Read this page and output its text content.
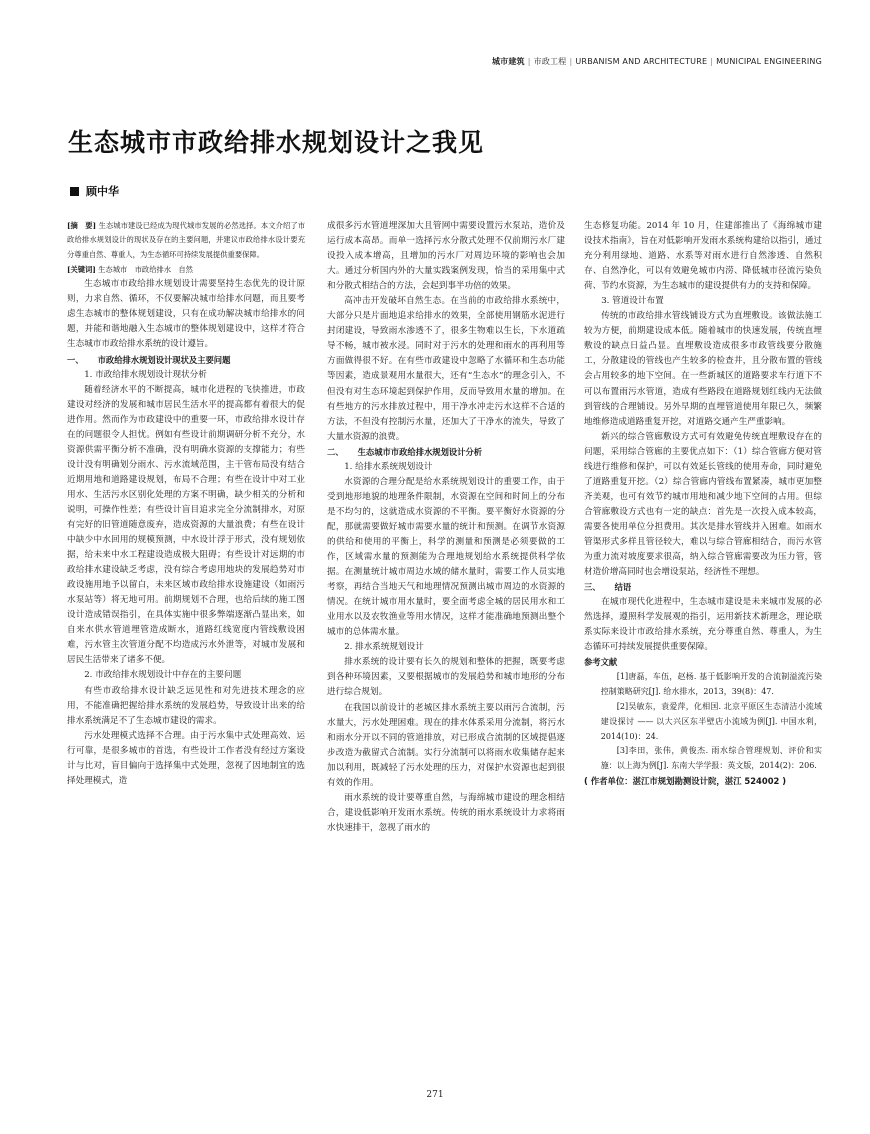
城市建筑 | 市政工程 | URBANISM AND ARCHITECTURE | MUNICIPAL ENGINEERING
生态城市市政给排水规划设计之我见
顾中华

[摘　要] 生态城市建设已经成为现代城市发展的必然选择。本文介绍了市政给排水规划设计的现状及存在的主要问题，并建议市政给排水设计要充分尊重自然、尊重人，为生态循环可持续发展提供重要保障。

[关键词] 生态城市　市政给排水　自然

生态城市市政给排水规划设计需要坚持生态优先的设计原则，力求自然、循环，不仅要解决城市给排水问题，而且要考虑生态城市的整体规划建设，只有在成功解决城市给排水的问题，并能和谐地融入生态城市的整体规划建设中，这样才符合生态城市市政给排水系统的设计遵旨。

一、 市政给排水规划设计现状及主要问题

1. 市政给排水规划设计现状分析

随着经济水平的不断提高，城市化进程的飞快推进，市政建设对经济的发展和城市居民生活水平的提高都有着很大的促进作用。然而作为市政建设中的重要一环，市政给排水设计存在的问题很令人担忧。例如有些设计前期调研分析不充分，水资源供需平衡分析不准确，没有明确水资源的支撑能力；有些设计没有明确划分雨水、污水流域范围，主干管布局没有结合近期用地和道路建设规划，布局不合理；有些在设计中对工业用水、生活污水区别化处理的方案不明确，缺少相关的分析和说明，可操作性差；有些设计盲目追求完全分流制排水，对原有完好的旧管道随意废弃，造成资源的大量浪费；有些在设计中缺少中水回用的规模预测，中水设计浮于形式，没有规划依据，给未来中水工程建设造成极大阻碍；有些设计对远期的市政给排水建设缺乏考虑，没有综合考虑用地块的发展趋势对市政设施用地予以留白，未来区域市政给排水设施建设（如雨污水泵站等）将无地可用。前期规划不合理，也给后续的施工图设计造成错误指引，在具体实施中很多弊端逐渐凸显出来，如自来水供水管道埋管造成断水，道路红线宽度内管线敷设困难，污水管主次管道分配不均造成污水外泄等，对城市发展和居民生活带来了诸多不便。

2. 市政给排水规划设计中存在的主要问题

有些市政给排水设计缺乏远见性和对先进技术理念的应用，不能准确把握给排水系统的发展趋势，导致设计出来的给排水系统满足不了生态城市建设的需求。

污水处理模式选择不合理。由于污水集中式处理高效、运行可靠，是很多城市的首选，有些设计工作者没有经过方案设计与比对，盲目偏向于选择集中式处理，忽视了因地制宜的选择处理模式，造

成很多污水管道埋深加大且管网中需要设置污水泵站，造价及运行成本高昂。而单一选择污水分散式处理不仅前期污水厂建设投入成本增高，且增加的污水厂对周边环境的影响也会加大。通过分析国内外的大量实践案例发现，恰当的采用集中式和分散式相结合的方法，会起到事半功倍的效果。

高冲击开发破坏自然生态。在当前的市政给排水系统中，大部分只是片面地追求给排水的效果，全部使用钢筋水泥进行封闭建设，导致雨水渗透不了，很多生物难以生长，下水道疏导不畅，城市被水浸。同时对于污水的处理和雨水的再利用等方面做得很不好。在有些市政建设中忽略了水循环和生态功能等因素，造成景观用水量很大，还有“生态水”的理念引入，不但没有对生态环境起到保护作用，反而导致用水量的增加。在有些地方的污水排放过程中，用干净水冲走污水这样不合适的方法，不但没有控制污水量，还加大了干净水的流失，导致了大量水资源的浪费。

二、 生态城市市政给排水规划设计分析

1. 给排水系统规划设计

水资源的合理分配是给水系统规划设计的重要工作，由于受到地形地貌的地理条件限制，水资源在空间和时间上的分布是不均匀的，这就造成水资源的不平衡。要平衡好水资源的分配，那就需要做好城市需要水量的统计和预测。在调节水资源的供给和使用的平衡上，科学的测量和预测是必须要做的工作，区域需水量的预测能为合理地规划给水系统提供科学依据。在测量统计城市周边水域的储水量时，需要工作人员实地考察，再结合当地天气和地理情况预测出城市周边的水资源的情况。在统计城市用水量时，要全面考虑全城的居民用水和工业用水以及农牧渔业等用水情况，这样才能准确地预测出整个城市的总体需水量。

2. 排水系统规划设计

排水系统的设计要有长久的规划和整体的把握，既要考虑到各种环境因素，又要根据城市的发展趋势和城市地形的分布进行综合规划。

在我国以前设计的老城区排水系统主要以雨污合流制，污水量大，污水处理困难。现在的排水体系采用分流制，将污水和雨水分开以不同的管道排放，对已形成合流制的区域提倡逐步改造为截留式合流制。实行分流制可以将雨水收集储存起来加以利用，既减轻了污水处理的压力，对保护水资源也起到很有效的作用。

雨水系统的设计要尊重自然，与海绵城市建设的理念相结合，建设低影响开发雨水系统。传统的雨水系统设计力求将雨水快速排干，忽视了雨水的

生态修复功能。2014 年 10 月，住建部推出了《海绵城市建设技术指南》，旨在对低影响开发雨水系统构建给以指引，通过充分利用绿地、道路、水系等对雨水进行自然渗透、自然积存、自然净化，可以有效避免城市内涝、降低城市径流污染负荷、节约水资源，为生态城市的建设提供有力的支持和保障。

3. 管道设计布置

传统的市政给排水管线铺设方式为直埋敷设。该做法施工较为方便，前期建设成本低。随着城市的快速发展，传统直埋敷设的缺点日益凸显。直埋敷设造成很多市政管线要分散施工，分散建设的管线也产生较多的检查井，且分散布置的管线会占用较多的地下空间。在一些新城区的道路要求车行道下不可以布置雨污水管道，造成有些路段在道路规划红线内无法做到管线的合理铺设。另外早期的直埋管道使用年限已久，频繁地维修造成道路重复开挖，对道路交通产生严重影响。

新兴的综合管廊敷设方式可有效避免传统直埋敷设存在的问题，采用综合管廊的主要优点如下：（1）综合管廊方便对管线进行维修和保护，可以有效延长管线的使用寿命，同时避免了道路重复开挖。（2）综合管廊内管线布置紧凑，城市更加整齐美观，也可有效节约城市用地和减少地下空间的占用。但综合管廊敷设方式也有一定的缺点：首先是一次投入成本较高，需要各使用单位分担费用。其次是排水管线并入困难。如雨水管渠形式多样且管径较大，难以与综合管廊相结合，而污水管为重力流对坡度要求很高，纳入综合管廊需要改为压力管，管材造价增高同时也会增设泵站，经济性不理想。

三、 结语

在城市现代化进程中，生态城市建设是未来城市发展的必然选择，遵照科学发展观的指引，运用新技术新理念，理论联系实际来设计市政给排水系统，充分尊重自然、尊重人，为生态循环可持续发展提供重要保障。

参考文献

[1]唐磊，车伍，赵杨. 基于低影响开发的合流制溢流污染控制策略研究[J]. 给水排水，2013，39(8)：47.

[2]吴敏东，袁爱萍，化相国. 北京平原区生态清洁小流域建设探讨 —— 以大兴区东半壁店小流域为例[J]. 中国水利，2014(10)：24.

[3]李田，张伟，黄俊杰. 雨水综合管理规划、评价和实施：以上海为例[J]. 东南大学学报：英文版，2014(2)：206.

( 作者单位：湛江市规划勘测设计院，湛江 524002 )

271
